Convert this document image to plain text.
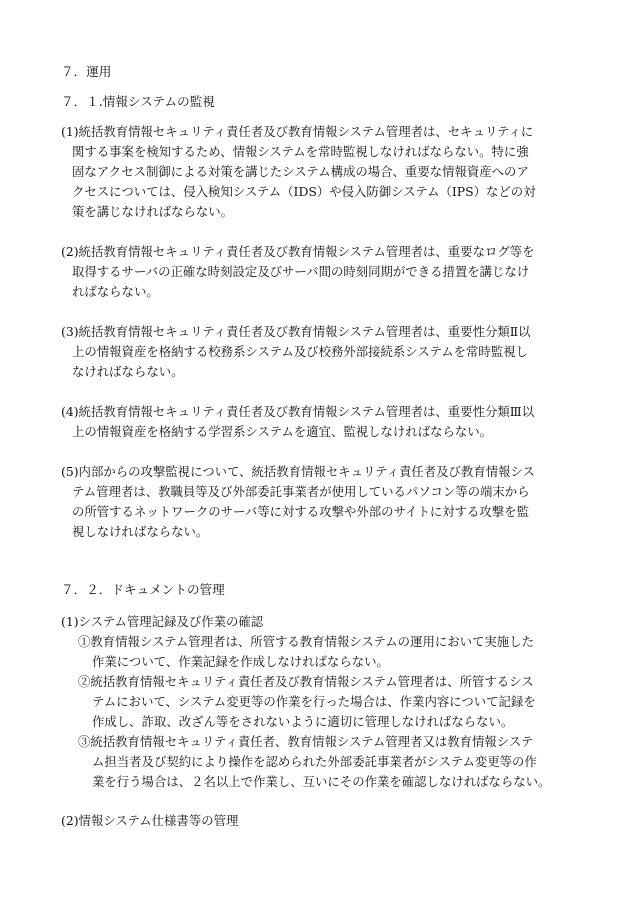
７．運用

７．１.情報システムの監視

(1)統括教育情報セキュリティ責任者及び教育情報システム管理者は、セキュリティに

関する事案を検知するため、情報システムを常時監視しなければならない。特に強

固なアクセス制御による対策を講じたシステム構成の場合、重要な情報資産へのア

クセスについては、侵入検知システム（IDS）や侵入防御システム（IPS）などの対

策を講じなければならない。

(2)統括教育情報セキュリティ責任者及び教育情報システム管理者は、重要なログ等を

取得するサーバの正確な時刻設定及びサーバ間の時刻同期ができる措置を講じなけ

ればならない。

(3)統括教育情報セキュリティ責任者及び教育情報システム管理者は、重要性分類Ⅱ以

上の情報資産を格納する校務系システム及び校務外部接続系システムを常時監視し

なければならない。

(4)統括教育情報セキュリティ責任者及び教育情報システム管理者は、重要性分類Ⅲ以

上の情報資産を格納する学習系システムを適宜、監視しなければならない。

(5)内部からの攻撃監視について、統括教育情報セキュリティ責任者及び教育情報シス

テム管理者は、教職員等及び外部委託事業者が使用しているパソコン等の端末から

の所管するネットワークのサーバ等に対する攻撃や外部のサイトに対する攻撃を監

視しなければならない。

７．２．ドキュメントの管理

(1)システム管理記録及び作業の確認

①教育情報システム管理者は、所管する教育情報システムの運用において実施した

作業について、作業記録を作成しなければならない。

②統括教育情報セキュリティ責任者及び教育情報システム管理者は、所管するシス

テムにおいて、システム変更等の作業を行った場合は、作業内容について記録を

作成し、詐取、改ざん等をされないように適切に管理しなければならない。

③統括教育情報セキュリティ責任者、教育情報システム管理者又は教育情報システ

ム担当者及び契約により操作を認められた外部委託事業者がシステム変更等の作

業を行う場合は、２名以上で作業し、互いにその作業を確認しなければならない。

(2)情報システム仕様書等の管理
